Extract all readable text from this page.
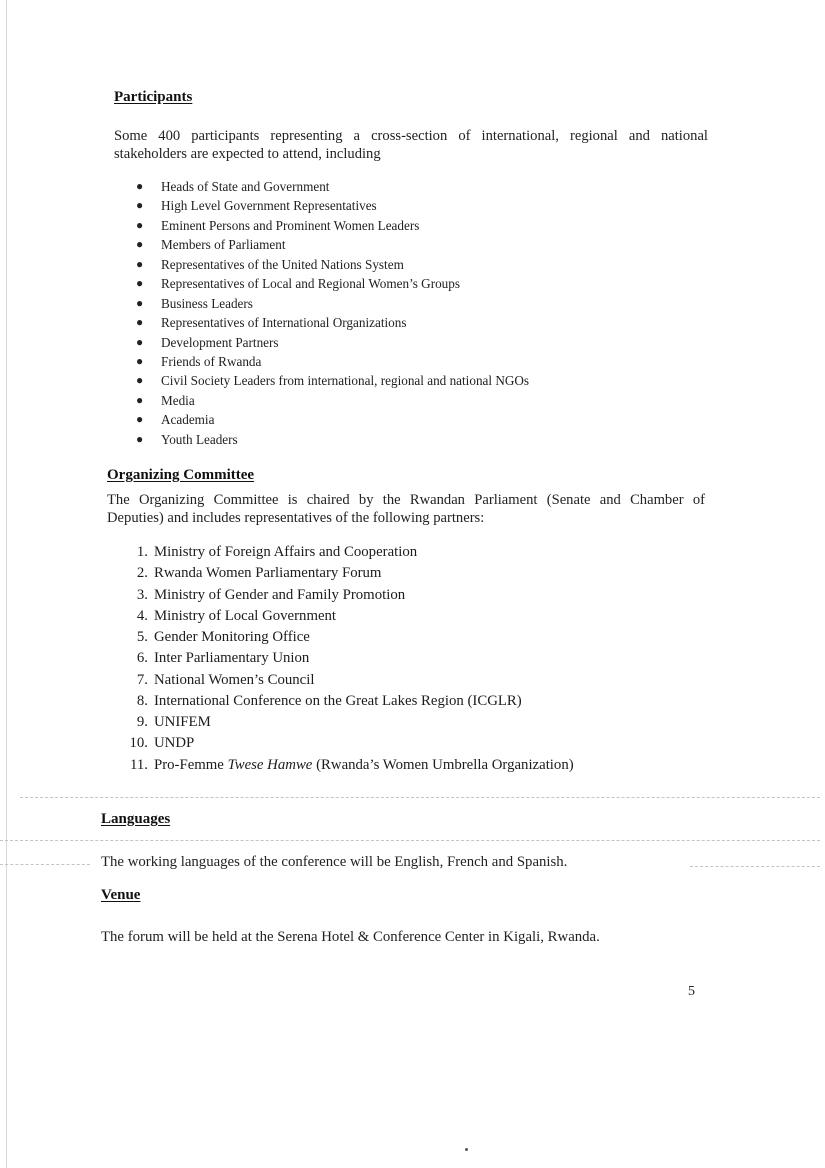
Participants

Some 400 participants representing a cross-section of international, regional and national

stakeholders are expected to attend, including

● Heads of State and Government
● High Level Government Representatives
● Eminent Persons and Prominent Women Leaders
● Members of Parliament
● Representatives of the United Nations System
● Representatives of Local and Regional Women’s Groups
● Business Leaders
● Representatives of International Organizations
● Development Partners
● Friends of Rwanda
● Civil Society Leaders from international, regional and national NGOs
● Media
● Academia
● Youth Leaders
Organizing Committee

The Organizing Committee is chaired by the Rwandan Parliament (Senate and Chamber of

Deputies) and includes representatives of the following partners:

1. Ministry of Foreign Affairs and Cooperation
2. Rwanda Women Parliamentary Forum
3. Ministry of Gender and Family Promotion
4. Ministry of Local Government
5. Gender Monitoring Office
6. Inter Parliamentary Union
7. National Women’s Council
8. International Conference on the Great Lakes Region (ICGLR)
9. UNIFEM
10. UNDP
11. Pro-Femme Twese Hamwe (Rwanda’s Women Umbrella Organization)
Languages

The working languages of the conference will be English, French and Spanish.

Venue

The forum will be held at the Serena Hotel & Conference Center in Kigali, Rwanda.

5
